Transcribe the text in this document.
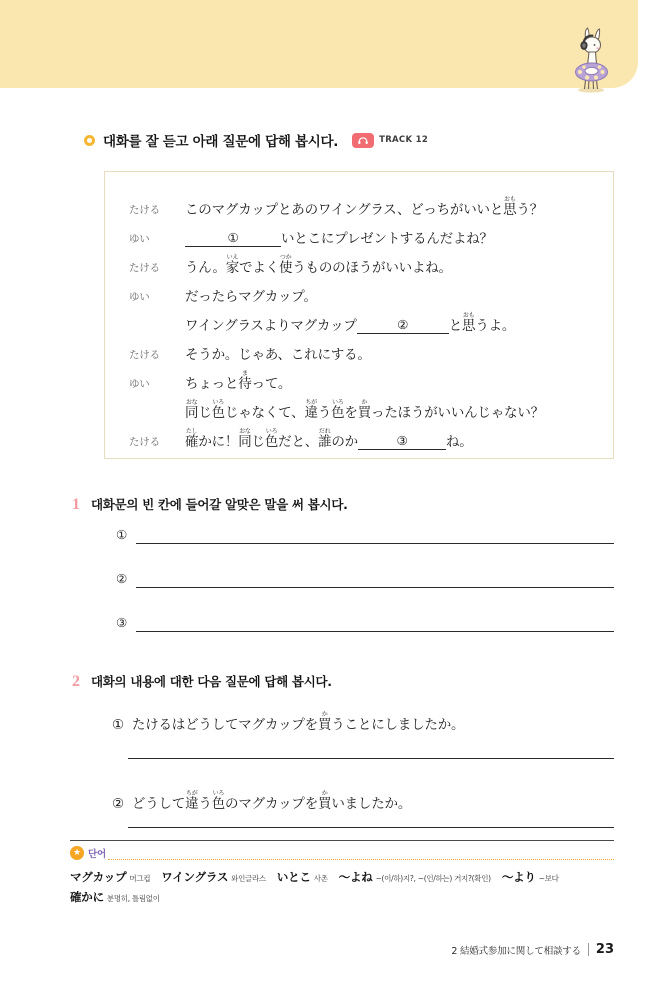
대화를 잘 듣고 아래 질문에 답해 봅시다.	TRACK 12
たける	このマグカップとあのワイングラス、どっちがいいと 思おも
う？
ゆい	①	いとこにプレゼントするんだよね？
たける	うん。 家いえ
でよく 使つか
うもののほうがいいよね。
ゆい	だったらマグカップ。
ワイングラスよりマグカップ	②	と 思おも
うよ。
たける	そうか。じゃあ、これにする。
ゆい	ちょっと 待ま
って。
同おな
じ 色いろ
じゃなくて、 違ちが
う 色いろ
を 買か
ったほうがいいんじゃない？
たける	確たし
かに！ 同おな
じ 色いろ
だと、 誰だれ
のか	③	ね。
1 대화문의 빈 칸에 들어갈 알맞은 말을 써 봅시다.
①
②
③
2 대화의 내용에 대한 다음 질문에 답해 봅시다.
① たけるはどうしてマグカップを買かうことにしましたか。
② どうして違ちがう色いろのマグカップを買かいましたか。
★ 단어
マグカップ 머그컵 ワイングラス 와인글라스 いとこ 사촌 〜よね ~(이/하)지?, ~(인/하는) 거지?(확인) 〜より ~보다
確かに 분명히, 틀림없이
2 結婚式参加に関して相談する 23
